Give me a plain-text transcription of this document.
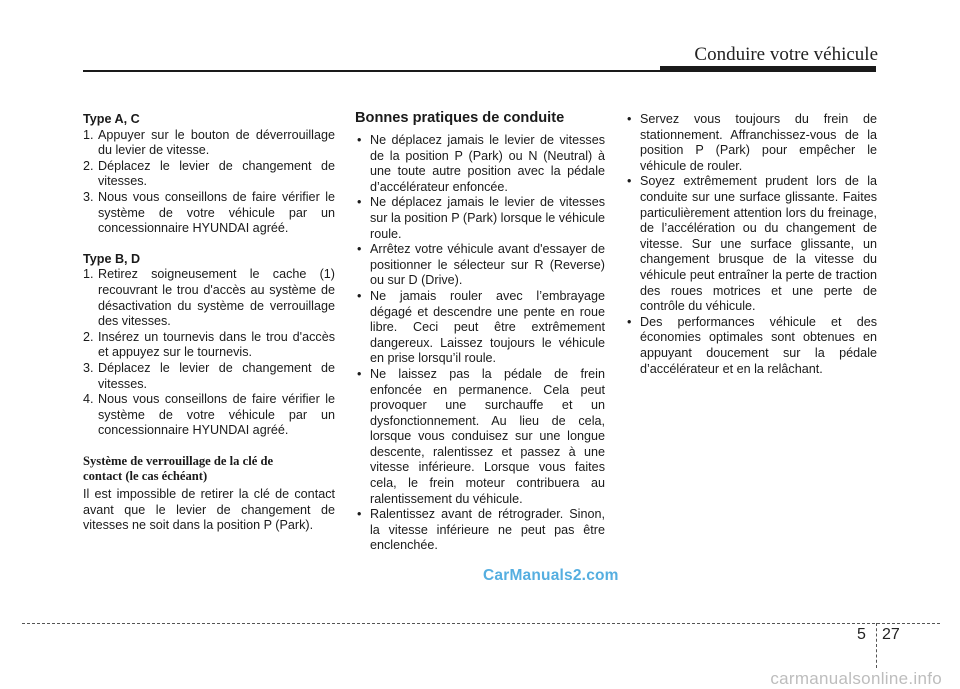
Conduire votre véhicule

Type A, C

1. Appuyer sur le bouton de déverrouillage du levier de vitesse.
2. Déplacez le levier de changement de vitesses.
3. Nous vous conseillons de faire vérifier le système de votre véhicule par un concessionnaire HYUNDAI agréé.

Type B, D

1. Retirez soigneusement le cache (1) recouvrant le trou d'accès au système de désactivation du système de verrouillage des vitesses.
2. Insérez un tournevis dans le trou d'accès et appuyez sur le tournevis.
3. Déplacez le levier de changement de vitesses.
4. Nous vous conseillons de faire vérifier le système de votre véhicule par un concessionnaire HYUNDAI agréé.

Système de verrouillage de la clé de
contact (le cas échéant)

Il est impossible de retirer la clé de contact avant que le levier de changement de vitesses ne soit dans la position P (Park).

Bonnes pratiques de conduite
• Ne déplacez jamais le levier de vitesses de la position P (Park) ou N (Neutral) à une toute autre position avec la pédale d’accélérateur enfoncée.
• Ne déplacez jamais le levier de vitesses sur la position P (Park) lorsque le véhicule roule.
• Arrêtez votre véhicule avant d'essayer de positionner le sélecteur sur R (Reverse) ou sur D (Drive).
• Ne jamais rouler avec l’embrayage dégagé et descendre une pente en roue libre. Ceci peut être extrêmement dangereux. Laissez toujours le véhicule en prise lorsqu’il roule.
• Ne laissez pas la pédale de frein enfoncée en permanence. Cela peut provoquer une surchauffe et un dysfonctionnement. Au lieu de cela, lorsque vous conduisez sur une longue descente, ralentissez et passez à une vitesse inférieure. Lorsque vous faites cela, le frein moteur contribuera au ralentissement du véhicule.
• Ralentissez avant de rétrograder. Sinon, la vitesse inférieure ne peut pas être enclenchée.
• Servez vous toujours du frein de stationnement. Affranchissez-vous de la position P (Park) pour empêcher le véhicule de rouler.
• Soyez extrêmement prudent lors de la conduite sur une surface glissante. Faites particulièrement attention lors du freinage, de l’accélération ou du changement de vitesse. Sur une surface glissante, un changement brusque de la vitesse du véhicule peut entraîner la perte de traction des roues motrices et une perte de contrôle du véhicule.
• Des performances véhicule et des économies optimales sont obtenues en appuyant doucement sur la pédale d’accélérateur et en la relâchant.
CarManuals2.com
5 27
carmanualsonline.info
